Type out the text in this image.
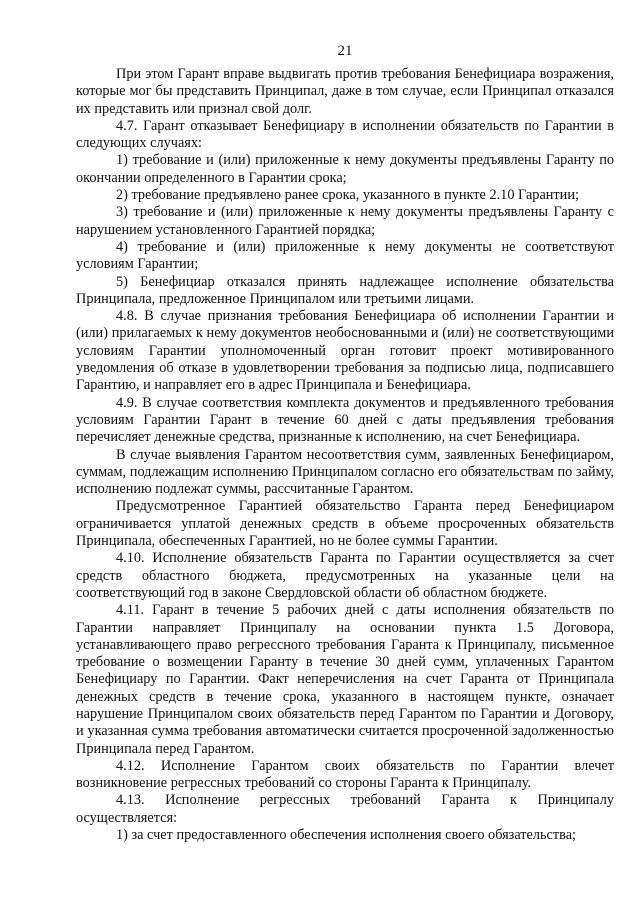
21

При этом Гарант вправе выдвигать против требования Бенефициара возражения, которые мог бы представить Принципал, даже в том случае, если Принципал отказался их представить или признал свой долг.

4.7. Гарант отказывает Бенефициару в исполнении обязательств по Гарантии в следующих случаях:

1) требование и (или) приложенные к нему документы предъявлены Гаранту по окончании определенного в Гарантии срока;

2) требование предъявлено ранее срока, указанного в пункте 2.10 Гарантии;

3) требование и (или) приложенные к нему документы предъявлены Гаранту с нарушением установленного Гарантией порядка;

4) требование и (или) приложенные к нему документы не соответствуют условиям Гарантии;

5) Бенефициар отказался принять надлежащее исполнение обязательства Принципала, предложенное Принципалом или третьими лицами.

4.8. В случае признания требования Бенефициара об исполнении Гарантии и (или) прилагаемых к нему документов необоснованными и (или) не соответствующими условиям Гарантии уполномоченный орган готовит проект мотивированного уведомления об отказе в удовлетворении требования за подписью лица, подписавшего Гарантию, и направляет его в адрес Принципала и Бенефициара.

4.9. В случае соответствия комплекта документов и предъявленного требования условиям Гарантии Гарант в течение 60 дней с даты предъявления требования перечисляет денежные средства, признанные к исполнению, на счет Бенефициара.

В случае выявления Гарантом несоответствия сумм, заявленных Бенефициаром, суммам, подлежащим исполнению Принципалом согласно его обязательствам по займу, исполнению подлежат суммы, рассчитанные Гарантом.

Предусмотренное Гарантией обязательство Гаранта перед Бенефициаром ограничивается уплатой денежных средств в объеме просроченных обязательств Принципала, обеспеченных Гарантией, но не более суммы Гарантии.

4.10. Исполнение обязательств Гаранта по Гарантии осуществляется за счет средств областного бюджета, предусмотренных на указанные цели на соответствующий год в законе Свердловской области об областном бюджете.

4.11. Гарант в течение 5 рабочих дней с даты исполнения обязательств по Гарантии направляет Принципалу на основании пункта 1.5 Договора, устанавливающего право регрессного требования Гаранта к Принципалу, письменное требование о возмещении Гаранту в течение 30 дней сумм, уплаченных Гарантом Бенефициару по Гарантии. Факт неперечисления на счет Гаранта от Принципала денежных средств в течение срока, указанного в настоящем пункте, означает нарушение Принципалом своих обязательств перед Гарантом по Гарантии и Договору, и указанная сумма требования автоматически считается просроченной задолженностью Принципала перед Гарантом.

4.12. Исполнение Гарантом своих обязательств по Гарантии влечет возникновение регрессных требований со стороны Гаранта к Принципалу.

4.13. Исполнение регрессных требований Гаранта к Принципалу осуществляется:

1) за счет предоставленного обеспечения исполнения своего обязательства;
